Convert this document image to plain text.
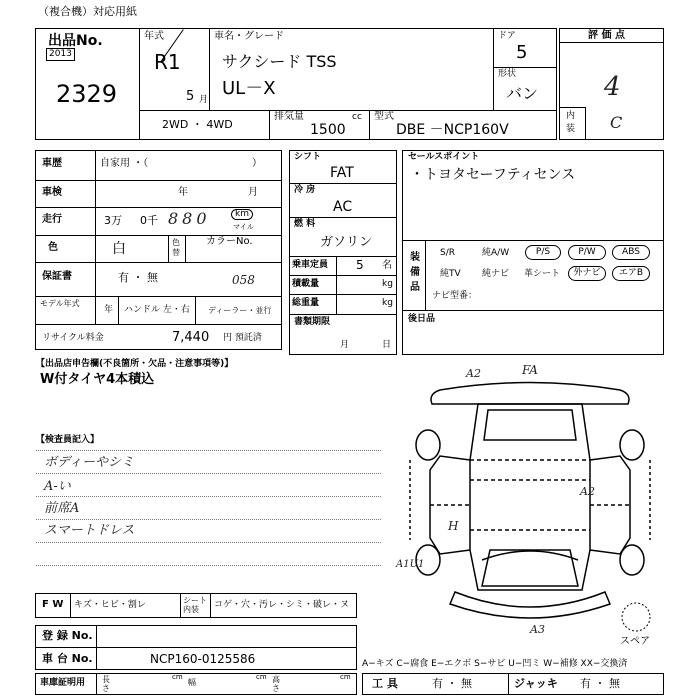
（複合機）対応用紙
出品No.
2013
2329
年式
R1
5 月
車名・グレード
サクシード TSS
UL－X
ドア
5
形状
バン
2WD ・ 4WD
排気量	cc
1500
型式
DBE －NCP160V
評 価 点
4
内装 C
車歴	自家用 ・（	）
車検	年	月
走行	3万 0千 880	km
マイル
色	白	色替
カラーNo.
058
保証書	有 ・ 無
モデル年式
年 ハンドル 左・右 ディーラー・並行
リサイクル料金	7,440 円 預託済
シフト
FAT
冷 房
AC
燃 料
ガソリン
乗車定員 5 名
積載量	kg
総重量	kg
書類期限
月	日
セールスポイント
・トヨタセーフティセンス
装備品
S/R	純A/W	P/S	P/W	ABS
純TV 純ナビ 革シート	外ナビ	エアB
ナビ型番：
後日品
【出品店申告欄(不良箇所・欠品・注意事項等)】
W付タイヤ4本積込
【検査員記入】
ボディーやシミ
A-い
前席A
スマートドレス
A2	FA
A2
A1U1
H
A3
スペア
F W キズ・ヒビ・割レ	シート内装	コゲ・穴・汚レ・シミ・破レ・ヌ
登 録 No.
車 台 No.	NCP160-0125586	A−キズ C−腐食 E−エクボ S−サビ U−凹ミ W−補修 XX−交換済
車庫証明用 長さ
cm
幅
cm 高さ
cm 工 具	有 ・ 無	ジャッキ 有 ・ 無
